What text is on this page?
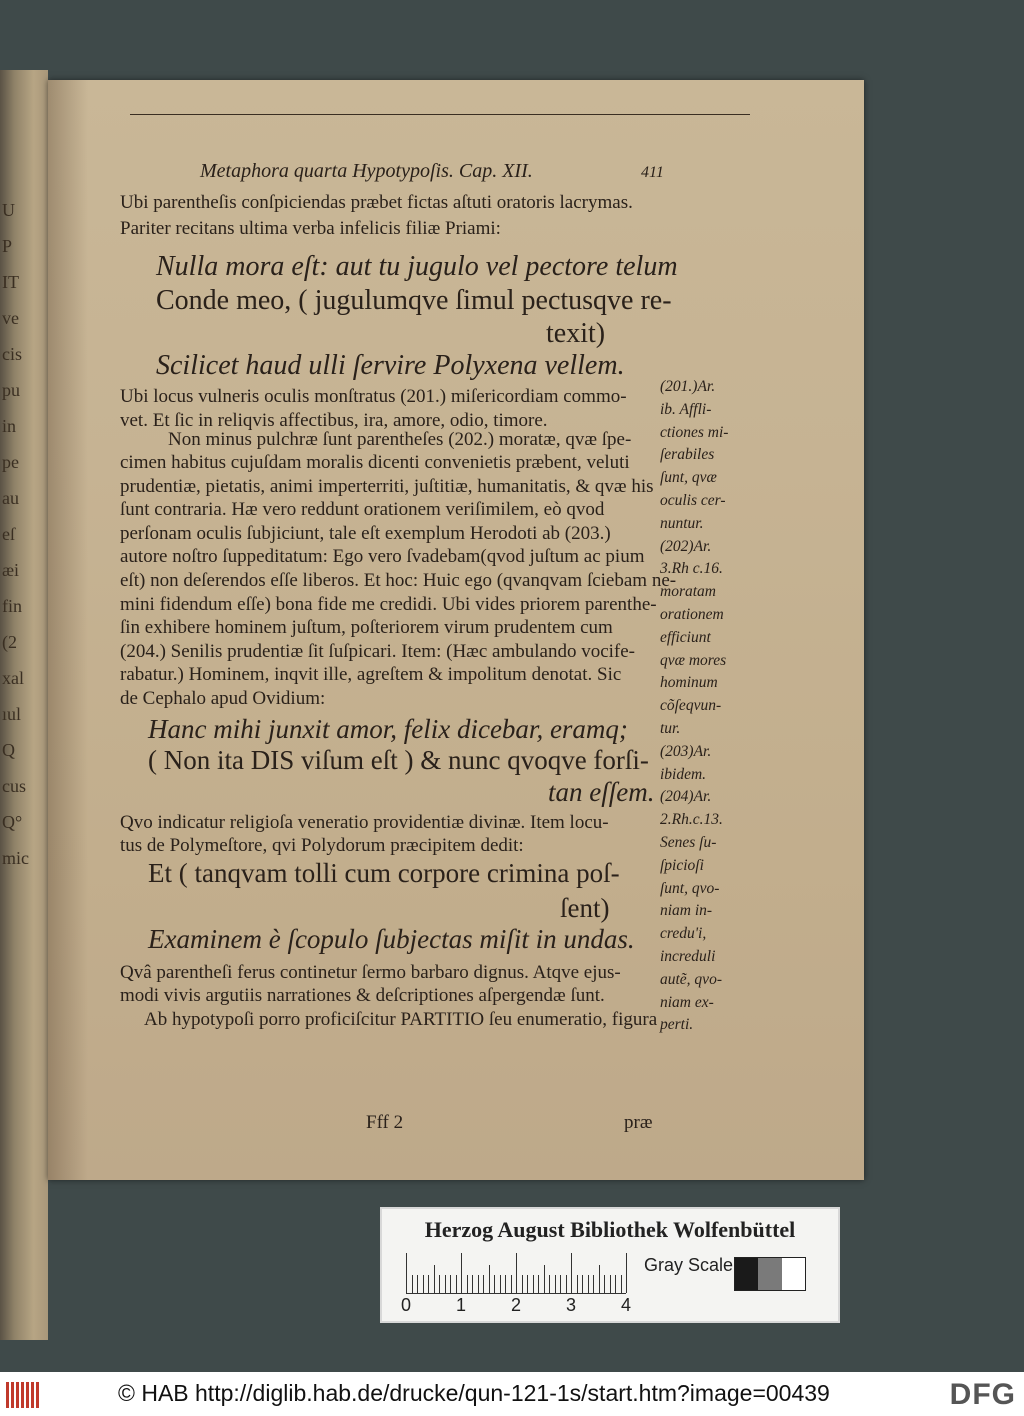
U
P
IT
ve
cis
pu
in
pe
au
eſ
æi
fin
(2
xal
ıul
Q
cus
Q°
mic
Metaphora quarta Hypotypoſis. Cap. XII.	411
Ubi parentheſis conſpiciendas præbet fictas aſtuti oratoris lacrymas.
Pariter recitans ultima verba infelicis filiæ Priami:
Nulla mora eſt: aut tu jugulo vel pectore telum
Conde meo, ( jugulumqve ſimul pectusqve re-
texit)
Scilicet haud ulli ſervire Polyxena vellem.
Ubi locus vulneris oculis monſtratus (201.) miſericordiam commo-
vet. Et ſic in reliqvis affectibus, ira, amore, odio, timore.
Non minus pulchræ ſunt parentheſes (202.) moratæ, qvæ ſpe-
cimen habitus cujuſdam moralis dicenti convenietis præbent, veluti
prudentiæ, pietatis, animi imperterriti, juſtitiæ, humanitatis, & qvæ his
ſunt contraria. Hæ vero reddunt orationem veriſimilem, eò qvod
perſonam oculis ſubjiciunt, tale eſt exemplum Herodoti ab (203.)
autore noſtro ſuppeditatum: Ego vero ſvadebam(qvod juſtum ac pium
eſt) non deſerendos eſſe liberos. Et hoc: Huic ego (qvanqvam ſciebam ne-
mini fidendum eſſe) bona fide me credidi. Ubi vides priorem parenthe-
ſin exhibere hominem juſtum, poſteriorem virum prudentem cum
(204.) Senilis prudentiæ ſit ſuſpicari. Item: (Hæc ambulando vocife-
rabatur.) Hominem, inqvit ille, agreſtem & impolitum denotat. Sic
de Cephalo apud Ovidium:
Hanc mihi junxit amor, felix dicebar, eramq;
( Non ita DIS viſum eſt ) & nunc qvoqve forſi-
tan eſſem.
Qvo indicatur religioſa veneratio providentiæ divinæ. Item locu-
tus de Polymeſtore, qvi Polydorum præcipitem dedit:
Et ( tanqvam tolli cum corpore crimina poſ-
ſent)
Examinem è ſcopulo ſubjectas miſit in undas.
Qvâ parentheſi ferus continetur ſermo barbaro dignus. Atqve ejus-
modi vivis argutiis narrationes & deſcriptiones aſpergendæ ſunt.
Ab hypotypoſi porro proficiſcitur PARTITIO ſeu enumeratio, figura
(201.)Ar.
ib. Affli-
ctiones mi-
ſerabiles
ſunt, qvæ
oculis cer-
nuntur.
(202)Ar.
3.Rh c.16.
moratam
orationem
efficiunt
qvæ mores
hominum
cõſeqvun-
tur.
(203)Ar.
ibidem.
(204)Ar.
2.Rh.c.13.
Senes ſu-
ſpicioſi
ſunt, qvo-
niam in-
credu'i,
increduli
autẽ, qvo-
niam ex-
perti.
Fff 2	præ
Herzog August Bibliothek Wolfenbüttel
0 1 2 3 4
Gray Scale
© HAB http://diglib.hab.de/drucke/qun-121-1s/start.htm?image=00439	DFG
